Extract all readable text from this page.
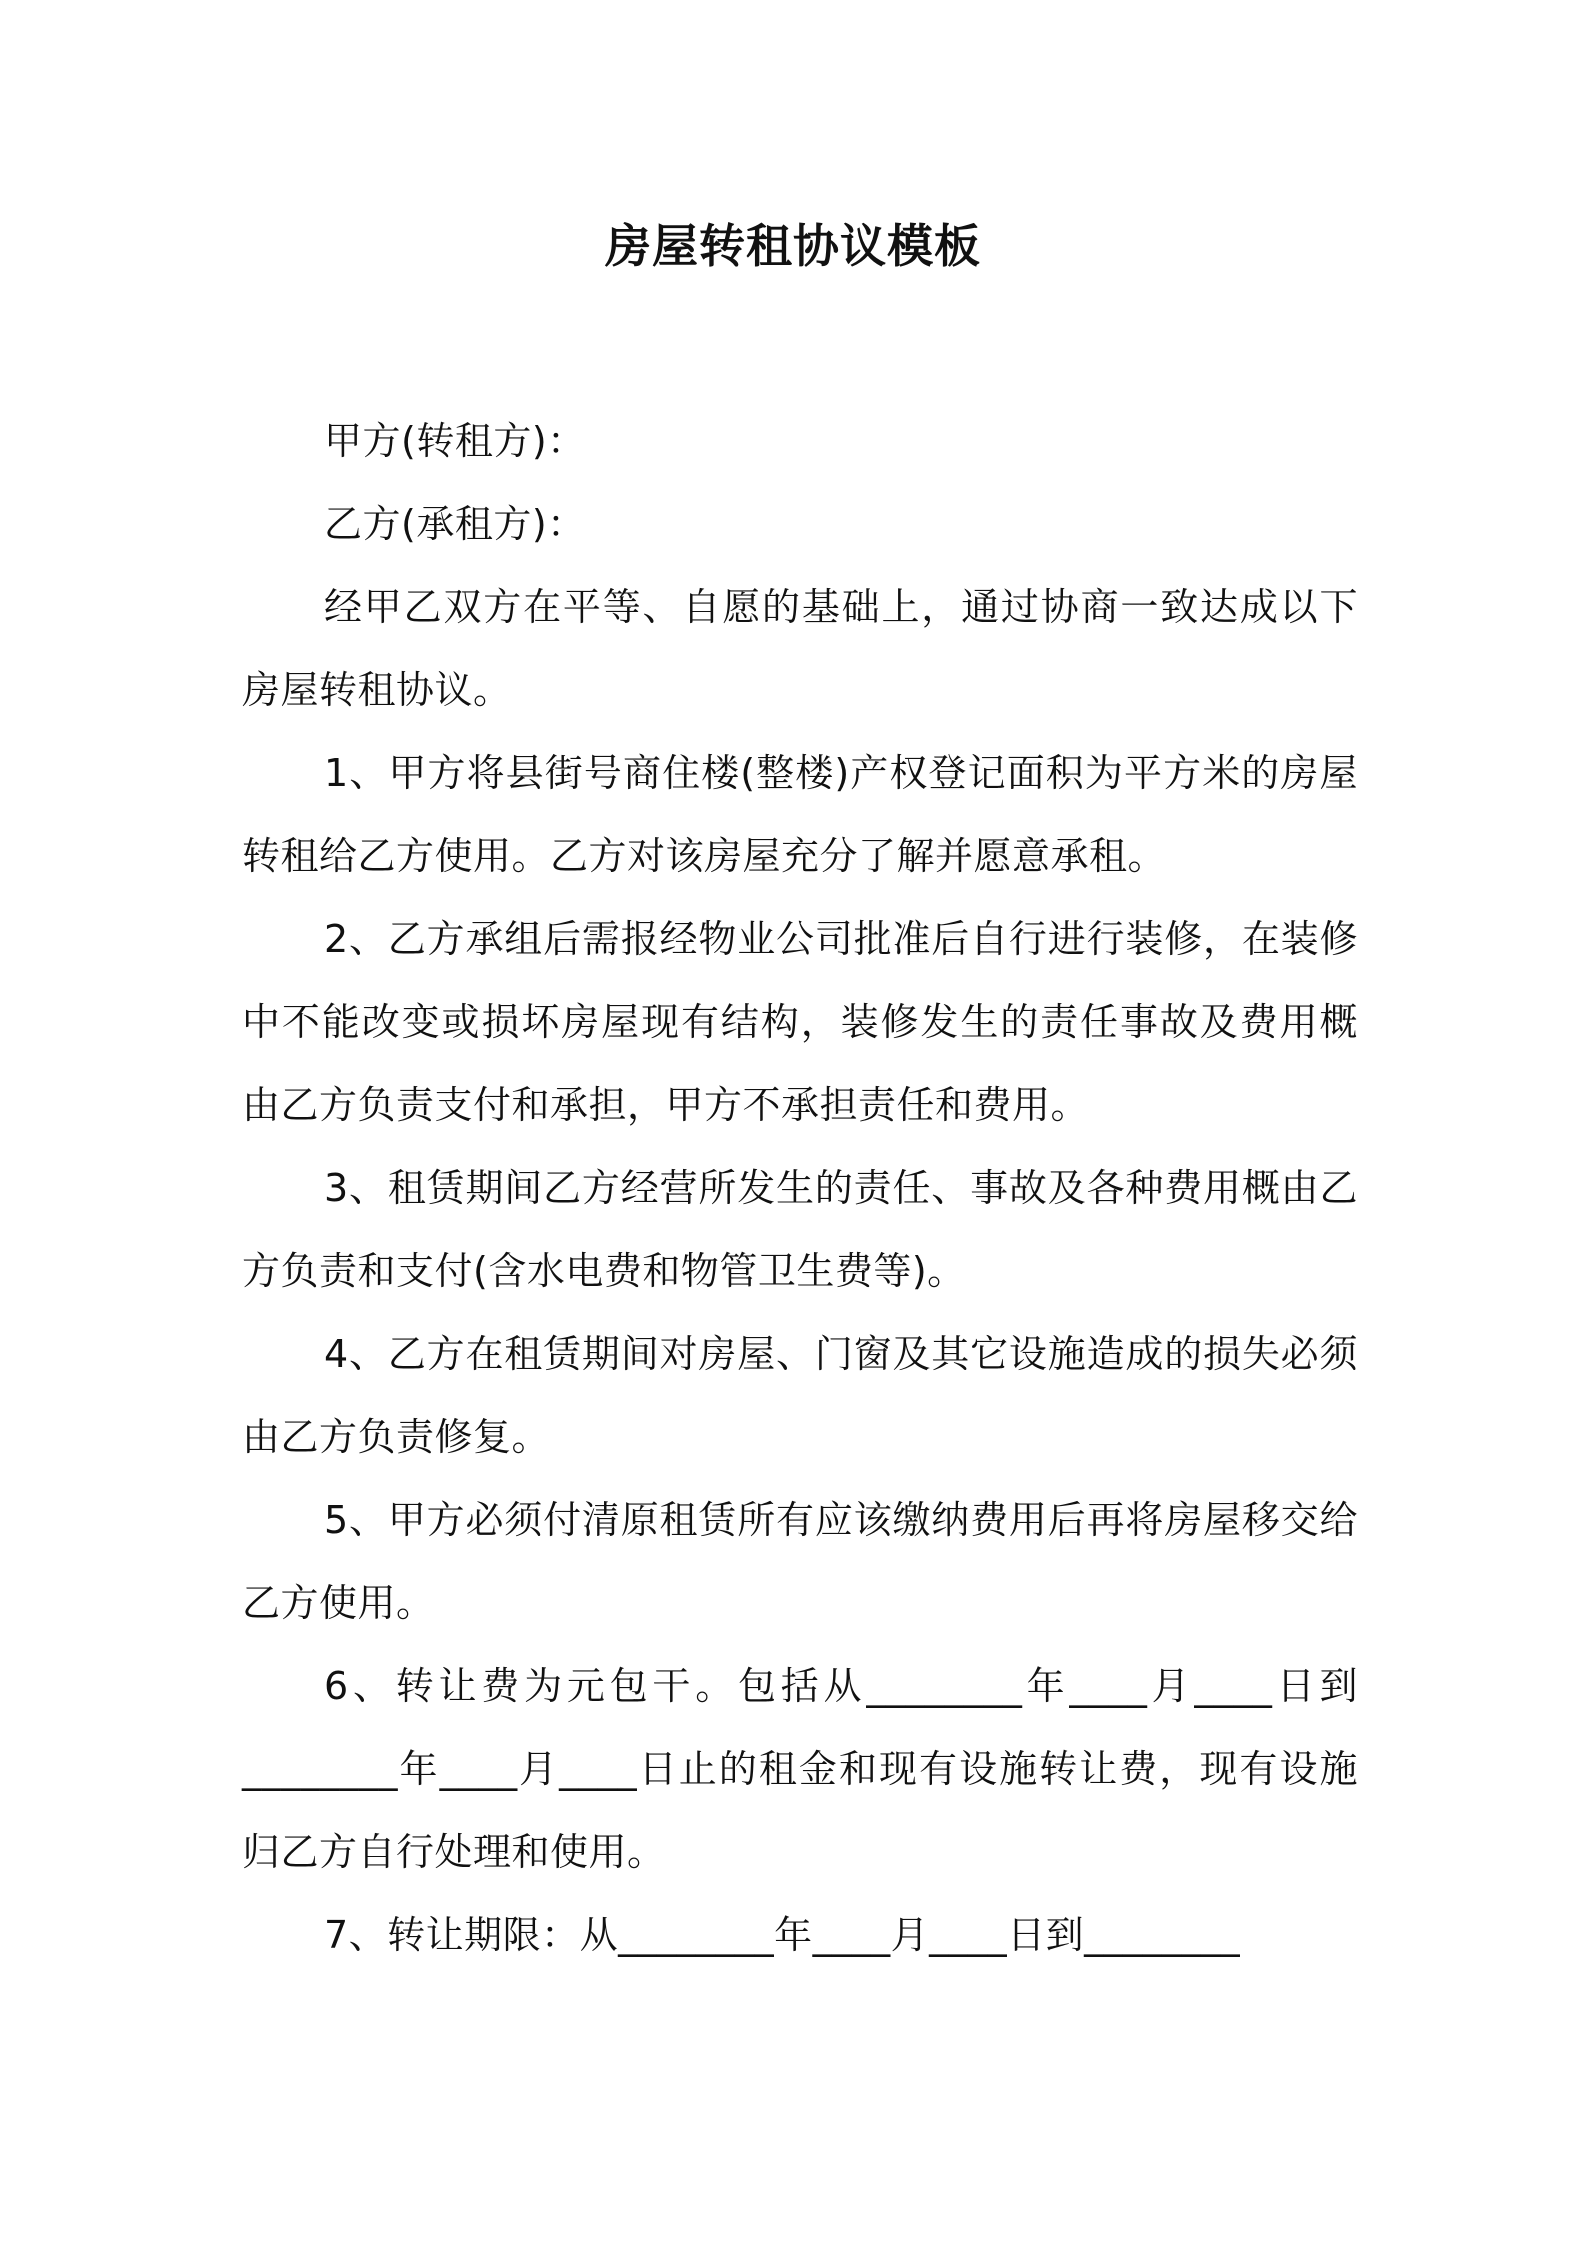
房屋转租协议模板

甲方(转租方)：

乙方(承租方)：

经甲乙双方在平等、自愿的基础上，通过协商一致达成以下房屋转租协议。

1、甲方将县街号商住楼(整楼)产权登记面积为平方米的房屋转租给乙方使用。乙方对该房屋充分了解并愿意承租。

2、乙方承组后需报经物业公司批准后自行进行装修，在装修中不能改变或损坏房屋现有结构，装修发生的责任事故及费用概由乙方负责支付和承担，甲方不承担责任和费用。

3、租赁期间乙方经营所发生的责任、事故及各种费用概由乙方负责和支付(含水电费和物管卫生费等)。

4、乙方在租赁期间对房屋、门窗及其它设施造成的损失必须由乙方负责修复。

5、甲方必须付清原租赁所有应该缴纳费用后再将房屋移交给乙方使用。

6、转让费为元包干。包括从________年____月____日到________年____月____日止的租金和现有设施转让费，现有设施归乙方自行处理和使用。

7、转让期限：从________年____月____日到________
